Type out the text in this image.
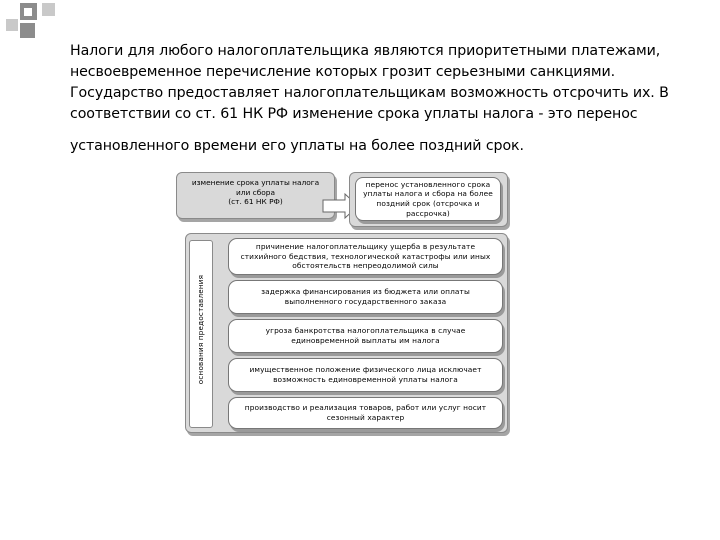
Налоги для любого налогоплательщика являются приоритетными платежами,
несвоевременное перечисление которых грозит серьезными санкциями.
Государство предоставляет налогоплательщикам возможность отсрочить их. В
соответствии со ст. 61 НК РФ изменение срока уплаты налога - это перенос
установленного времени его уплаты на более поздний срок.
изменение срока уплаты налога
или сбора
(ст. 61 НК РФ)
перенос установленного срока
уплаты налога и сбора на более
поздний срок (отсрочка и
рассрочка)
основания предоставления
причинение налогоплательщику ущерба в результате
стихийного бедствия, технологической катастрофы или иных
обстоятельств непреодолимой силы
задержка финансирования из бюджета или оплаты
выполненного государственного заказа
угроза банкротства налогоплательщика в случае
единовременной выплаты им налога
имущественное положение физического лица исключает
возможность единовременной уплаты налога
производство и реализация товаров, работ или услуг носит
сезонный характер
